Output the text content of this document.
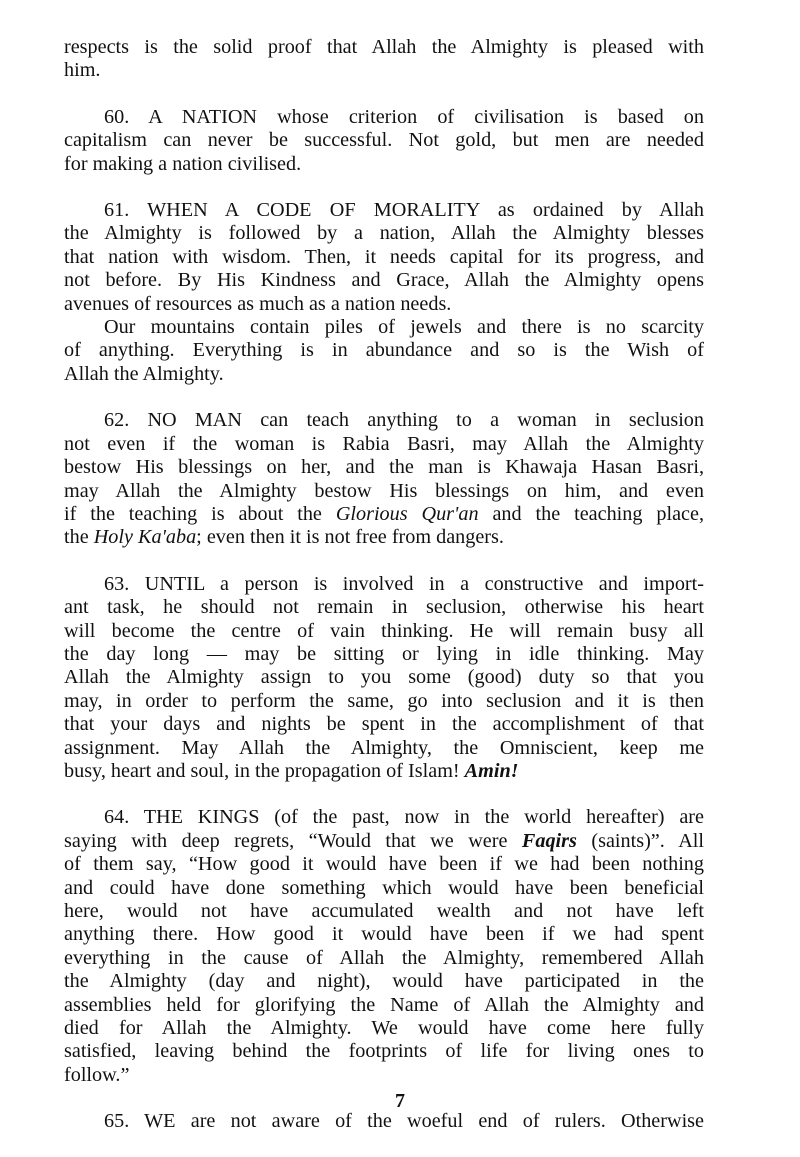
respects is the solid proof that Allah the Almighty is pleased with
him.

60. A NATION whose criterion of civilisation is based on
capitalism can never be successful. Not gold, but men are needed
for making a nation civilised.

61. WHEN A CODE OF MORALITY as ordained by Allah
the Almighty is followed by a nation, Allah the Almighty blesses
that nation with wisdom. Then, it needs capital for its progress, and
not before. By His Kindness and Grace, Allah the Almighty opens
avenues of resources as much as a nation needs.

Our mountains contain piles of jewels and there is no scarcity
of anything. Everything is in abundance and so is the Wish of
Allah the Almighty.

62. NO MAN can teach anything to a woman in seclusion
not even if the woman is Rabia Basri, may Allah the Almighty
bestow His blessings on her, and the man is Khawaja Hasan Basri,
may Allah the Almighty bestow His blessings on him, and even
if the teaching is about the Glorious Qur'an and the teaching place,
the Holy Ka'aba; even then it is not free from dangers.

63. UNTIL a person is involved in a constructive and import-
ant task, he should not remain in seclusion, otherwise his heart
will become the centre of vain thinking. He will remain busy all
the day long — may be sitting or lying in idle thinking. May
Allah the Almighty assign to you some (good) duty so that you
may, in order to perform the same, go into seclusion and it is then
that your days and nights be spent in the accomplishment of that
assignment. May Allah the Almighty, the Omniscient, keep me
busy, heart and soul, in the propagation of Islam! Amin!

64. THE KINGS (of the past, now in the world hereafter) are
saying with deep regrets, “Would that we were Faqirs (saints)”. All
of them say, “How good it would have been if we had been nothing
and could have done something which would have been beneficial
here, would not have accumulated wealth and not have left
anything there. How good it would have been if we had spent
everything in the cause of Allah the Almighty, remembered Allah
the Almighty (day and night), would have participated in the
assemblies held for glorifying the Name of Allah the Almighty and
died for Allah the Almighty. We would have come here fully
satisfied, leaving behind the footprints of life for living ones to
follow.”

65. WE are not aware of the woeful end of rulers. Otherwise

7
